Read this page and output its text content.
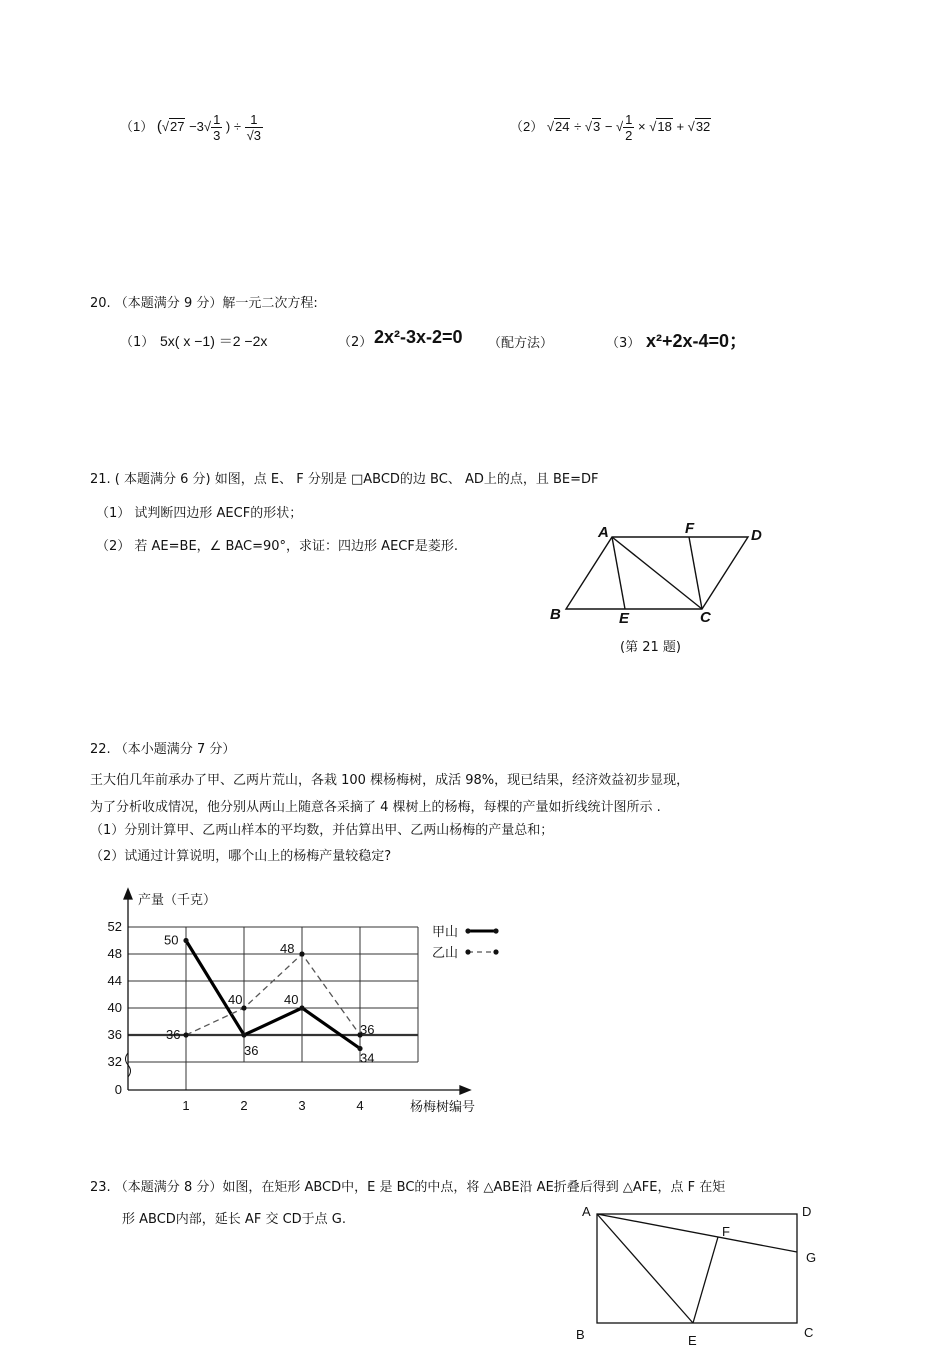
（1） ($√27 -3√ \frac{1}{3}$ ) ÷ $\frac{1}{√3}$	（2） √24 ÷ √3 − √ $\frac{1}{2} \times √18 + √32$
20. （本题满分 9 分）解一元二次方程:
（1） 5x( x −1) ＝2 −2x	（2） 2x²-3x-2=0 （配方法）	（3） x²+2x-4=0；
21. ( 本题满分 6 分) 如图，点 E、 F 分别是 □ABCD的边 BC、 AD上的点，且 BE=DF
（1） 试判断四边形 AECF的形状；
（2） 若 AE=BE，∠ BAC=90°，求证：四边形 AECF是菱形.
A	F	D
B	E	C
(第 21 题)
22. （本小题满分 7 分）
王大伯几年前承办了甲、乙两片荒山，各栽 100 棵杨梅树，成活 98%，现已结果，经济效益初步显现，
为了分析收成情况，他分别从两山上随意各采摘了 4 棵树上的杨梅，每棵的产量如折线统计图所示 .
（1）分别计算甲、乙两山样本的平均数，并估算出甲、乙两山杨梅的产量总和；
（2）试通过计算说明，哪个山上的杨梅产量较稳定?
52
48
44
40
36
32
0
1	2	3	4
50
36
40
34
36
40
48
36
产量（千克）
杨梅树编号
甲山
乙山
23. （本题满分 8 分）如图，在矩形 ABCD中，E 是 BC的中点，将 △ABE沿 AE折叠后得到 △AFE，点 F 在矩
形 ABCD内部，延长 AF 交 CD于点 G.
A	D
F
G
B	E
C
